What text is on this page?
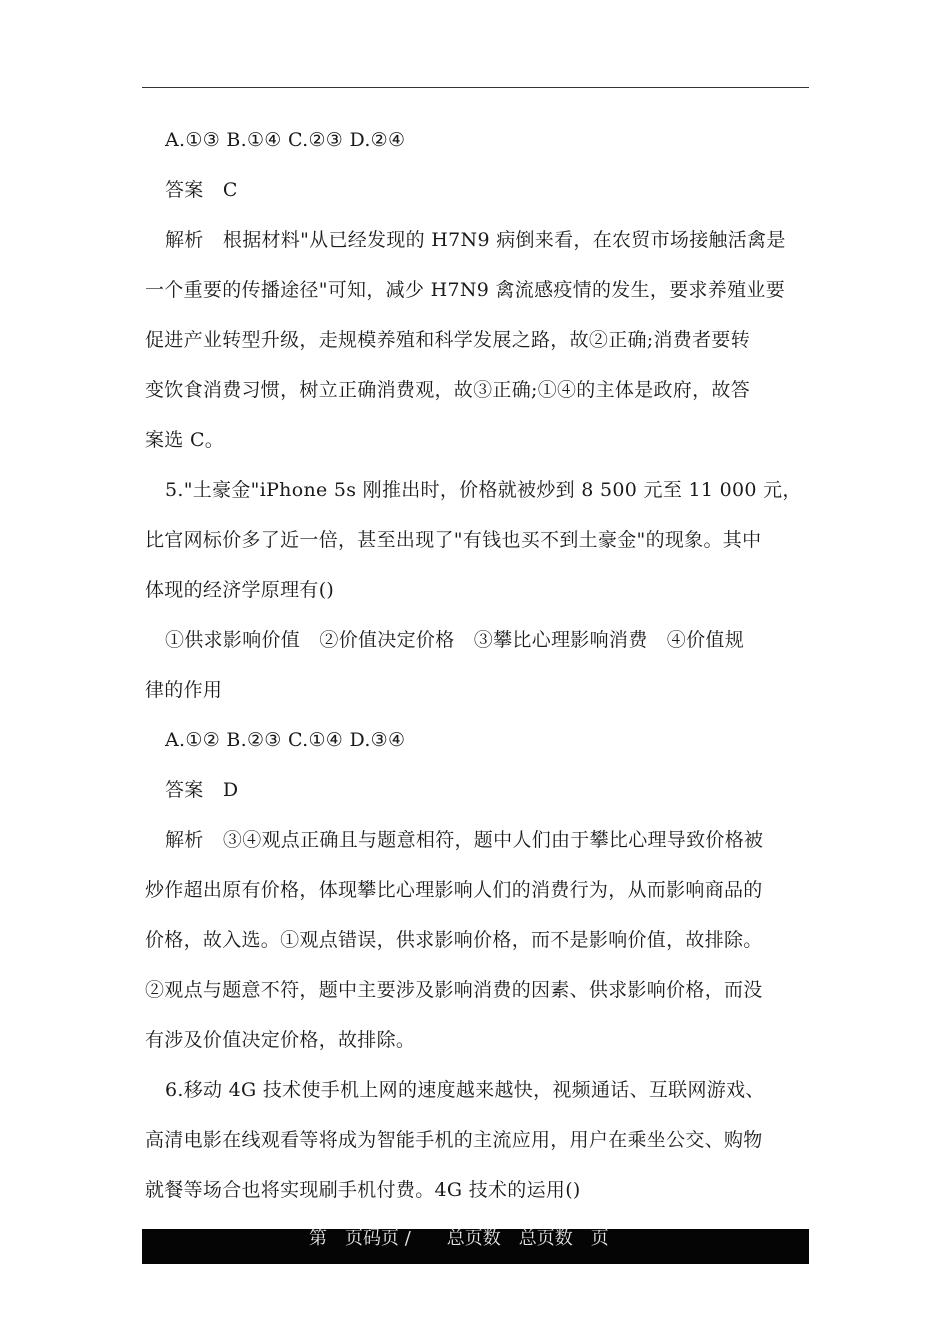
A.①③ B.①④ C.②③ D.②④
答案　C
解析　根据材料"从已经发现的 H7N9 病倒来看，在农贸市场接触活禽是
一个重要的传播途径"可知，减少 H7N9 禽流感疫情的发生，要求养殖业要
促进产业转型升级，走规模养殖和科学发展之路，故②正确;消费者要转
变饮食消费习惯，树立正确消费观，故③正确;①④的主体是政府，故答
案选 C。
5."土豪金"iPhone 5s 刚推出时，价格就被炒到 8 500 元至 11 000 元，
比官网标价多了近一倍，甚至出现了"有钱也买不到土豪金"的现象。其中
体现的经济学原理有()
①供求影响价值　②价值决定价格　③攀比心理影响消费　④价值规
律的作用
A.①② B.②③ C.①④ D.③④
答案　D
解析　③④观点正确且与题意相符，题中人们由于攀比心理导致价格被
炒作超出原有价格，体现攀比心理影响人们的消费行为，从而影响商品的
价格，故入选。①观点错误，供求影响价格，而不是影响价值，故排除。
②观点与题意不符，题中主要涉及影响消费的因素、供求影响价格，而没
有涉及价值决定价格，故排除。
6.移动 4G 技术使手机上网的速度越来越快，视频通话、互联网游戏、
高清电影在线观看等将成为智能手机的主流应用，用户在乘坐公交、购物
就餐等场合也将实现刷手机付费。4G 技术的运用()
第　页码页 /　　总页数　总页数　页
